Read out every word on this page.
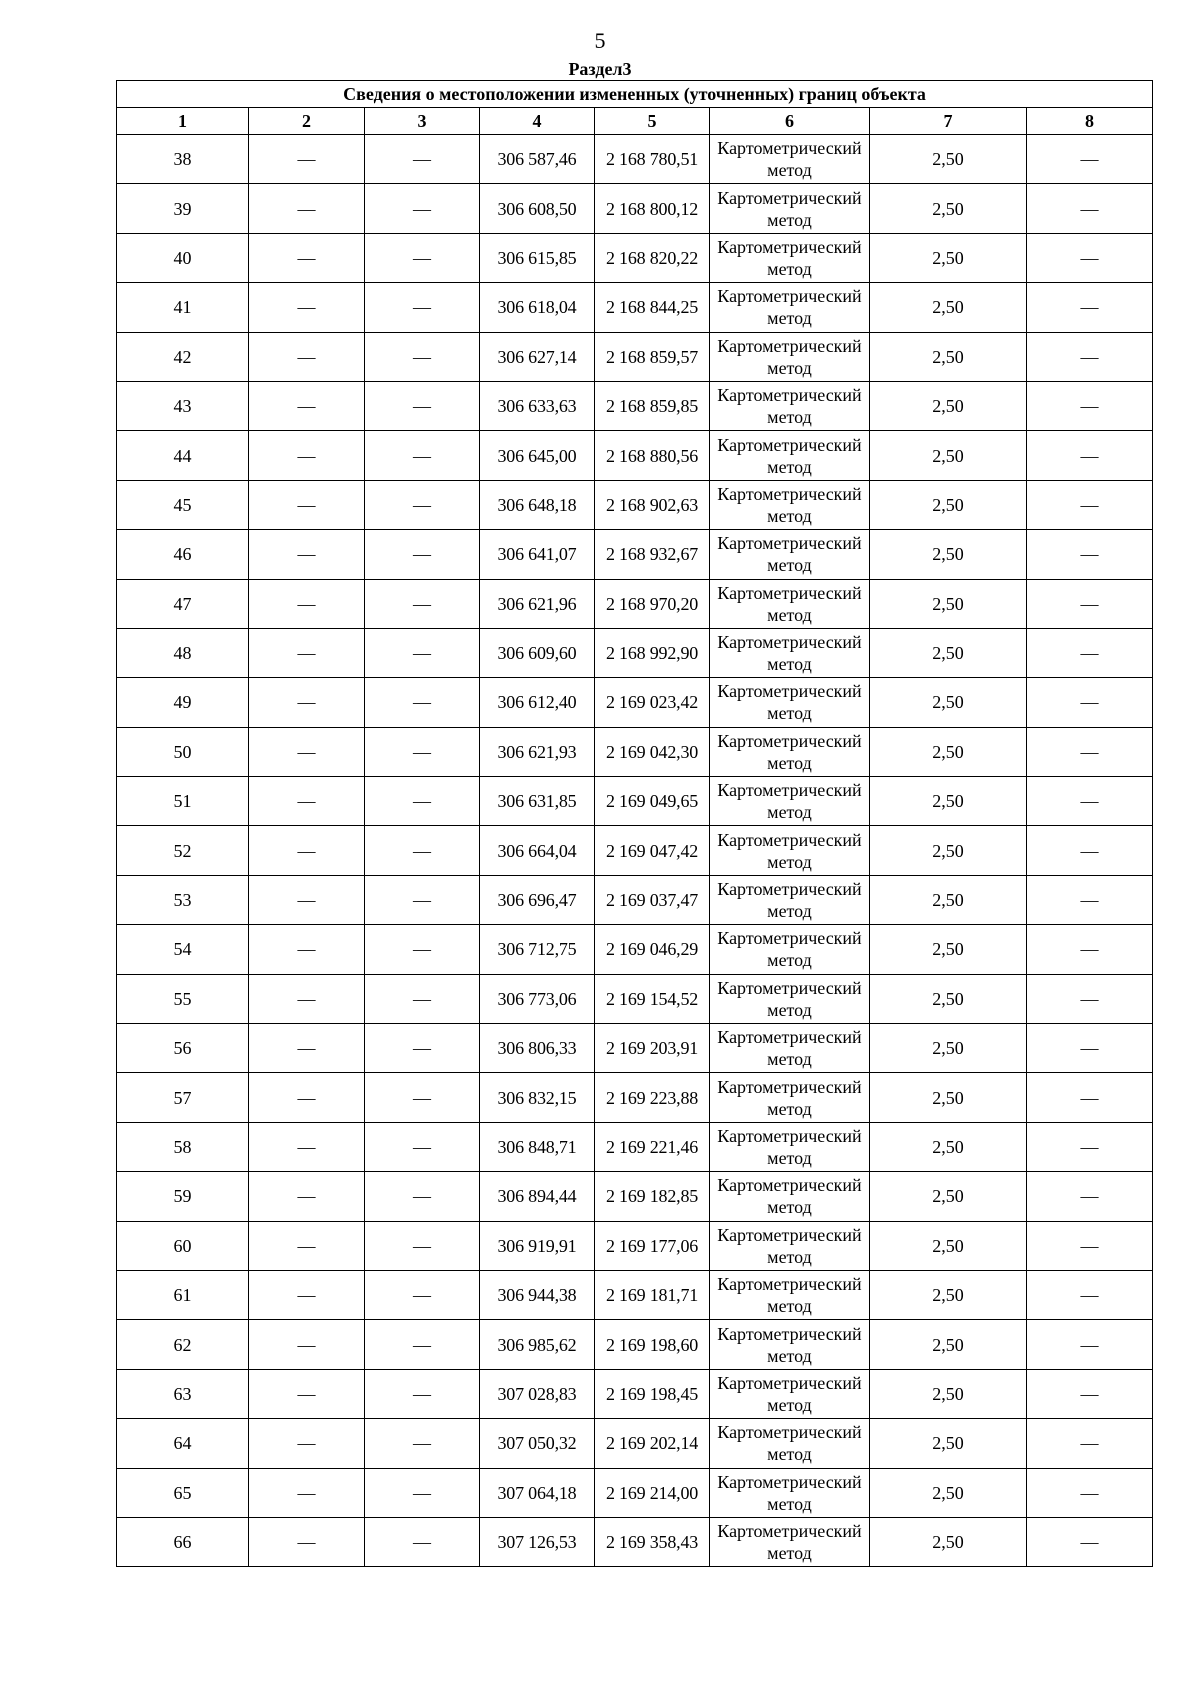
5
Раздел3
Сведения о местоположении измененных (уточненных) границ объекта							
1	2	3	4	5	6	7	8
38	—	—	306 587,46	2 168 780,51	Картометрический метод	2,50	—
39	—	—	306 608,50	2 168 800,12	Картометрический метод	2,50	—
40	—	—	306 615,85	2 168 820,22	Картометрический метод	2,50	—
41	—	—	306 618,04	2 168 844,25	Картометрический метод	2,50	—
42	—	—	306 627,14	2 168 859,57	Картометрический метод	2,50	—
43	—	—	306 633,63	2 168 859,85	Картометрический метод	2,50	—
44	—	—	306 645,00	2 168 880,56	Картометрический метод	2,50	—
45	—	—	306 648,18	2 168 902,63	Картометрический метод	2,50	—
46	—	—	306 641,07	2 168 932,67	Картометрический метод	2,50	—
47	—	—	306 621,96	2 168 970,20	Картометрический метод	2,50	—
48	—	—	306 609,60	2 168 992,90	Картометрический метод	2,50	—
49	—	—	306 612,40	2 169 023,42	Картометрический метод	2,50	—
50	—	—	306 621,93	2 169 042,30	Картометрический метод	2,50	—
51	—	—	306 631,85	2 169 049,65	Картометрический метод	2,50	—
52	—	—	306 664,04	2 169 047,42	Картометрический метод	2,50	—
53	—	—	306 696,47	2 169 037,47	Картометрический метод	2,50	—
54	—	—	306 712,75	2 169 046,29	Картометрический метод	2,50	—
55	—	—	306 773,06	2 169 154,52	Картометрический метод	2,50	—
56	—	—	306 806,33	2 169 203,91	Картометрический метод	2,50	—
57	—	—	306 832,15	2 169 223,88	Картометрический метод	2,50	—
58	—	—	306 848,71	2 169 221,46	Картометрический метод	2,50	—
59	—	—	306 894,44	2 169 182,85	Картометрический метод	2,50	—
60	—	—	306 919,91	2 169 177,06	Картометрический метод	2,50	—
61	—	—	306 944,38	2 169 181,71	Картометрический метод	2,50	—
62	—	—	306 985,62	2 169 198,60	Картометрический метод	2,50	—
63	—	—	307 028,83	2 169 198,45	Картометрический метод	2,50	—
64	—	—	307 050,32	2 169 202,14	Картометрический метод	2,50	—
65	—	—	307 064,18	2 169 214,00	Картометрический метод	2,50	—
66	—	—	307 126,53	2 169 358,43	Картометрический метод	2,50	—
